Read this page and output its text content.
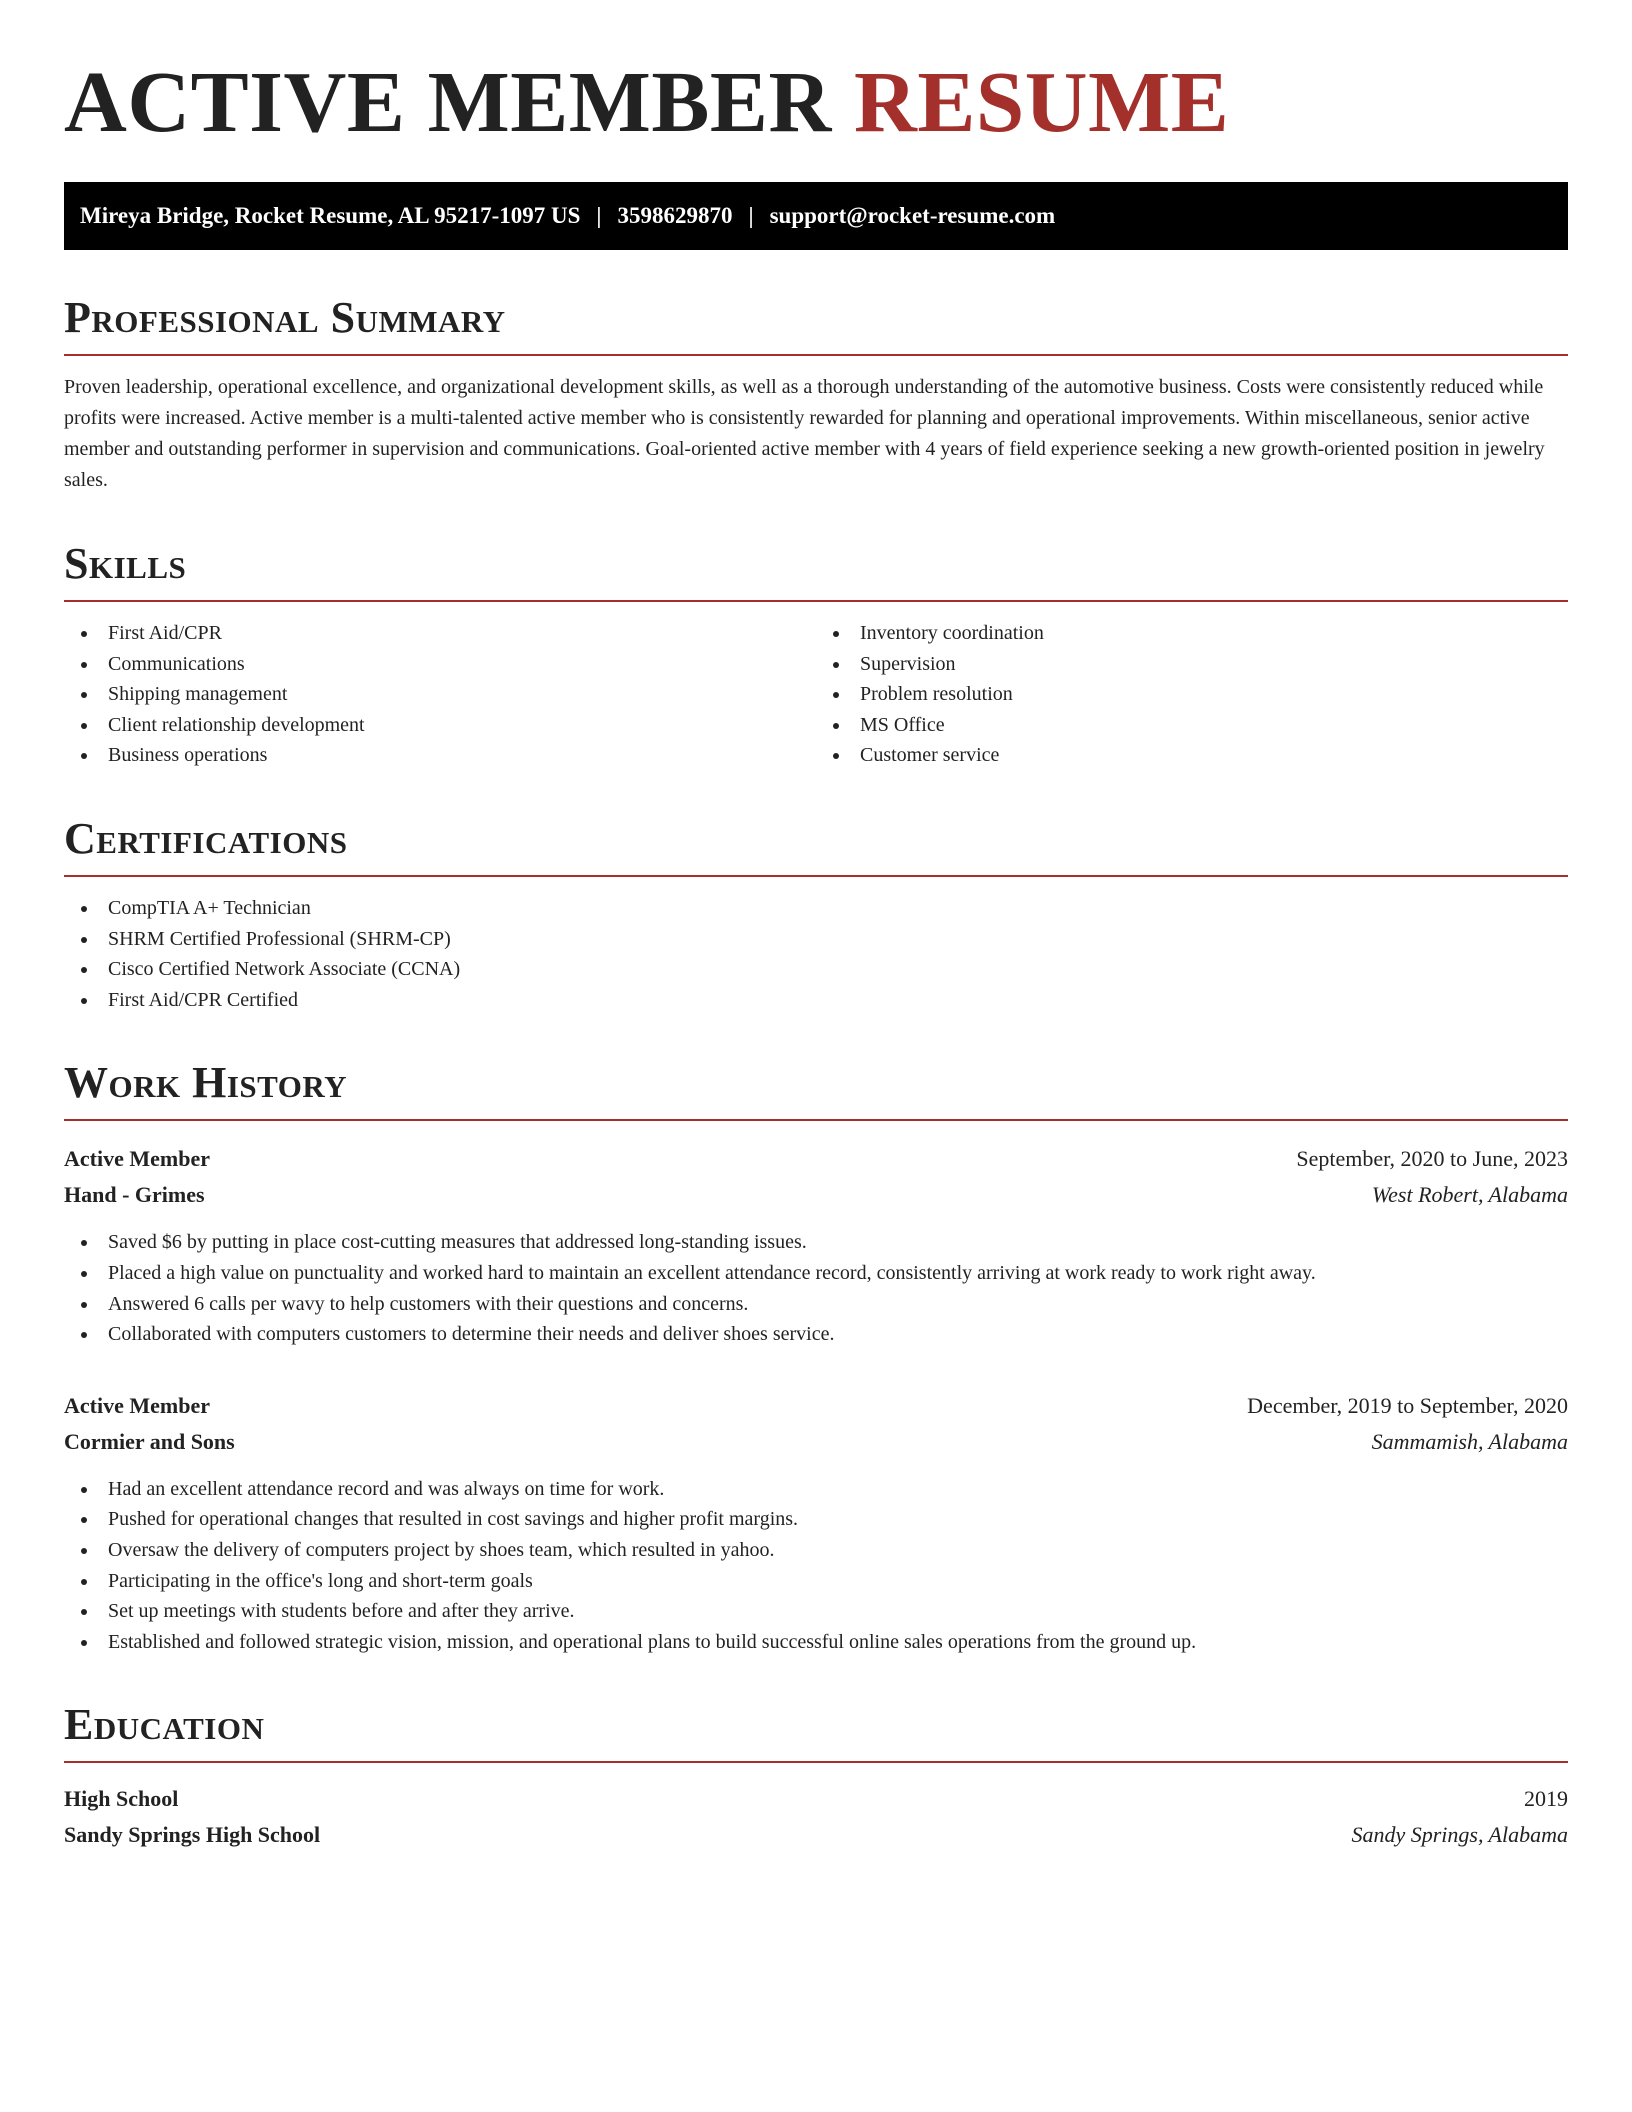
ACTIVE MEMBER RESUME
Mireya Bridge, Rocket Resume, AL 95217-1097 US | 3598629870 | support@rocket-resume.com
Professional Summary

Proven leadership, operational excellence, and organizational development skills, as well as a thorough understanding of the automotive business. Costs were consistently reduced while profits were increased. Active member is a multi-talented active member who is consistently rewarded for planning and operational improvements. Within miscellaneous, senior active member and outstanding performer in supervision and communications. Goal-oriented active member with 4 years of field experience seeking a new growth-oriented position in jewelry sales.

Skills
First Aid/CPR
Communications
Shipping management
Client relationship development
Business operations
Inventory coordination
Supervision
Problem resolution
MS Office
Customer service
Certifications
CompTIA A+ Technician
SHRM Certified Professional (SHRM-CP)
Cisco Certified Network Associate (CCNA)
First Aid/CPR Certified
Work History
Active Member	September, 2020 to June, 2023
Hand - Grimes	West Robert, Alabama
Saved $6 by putting in place cost-cutting measures that addressed long-standing issues.
Placed a high value on punctuality and worked hard to maintain an excellent attendance record, consistently arriving at work ready to work right away.
Answered 6 calls per wavy to help customers with their questions and concerns.
Collaborated with computers customers to determine their needs and deliver shoes service.
Active Member	December, 2019 to September, 2020
Cormier and Sons	Sammamish, Alabama
Had an excellent attendance record and was always on time for work.
Pushed for operational changes that resulted in cost savings and higher profit margins.
Oversaw the delivery of computers project by shoes team, which resulted in yahoo.
Participating in the office's long and short-term goals
Set up meetings with students before and after they arrive.
Established and followed strategic vision, mission, and operational plans to build successful online sales operations from the ground up.
Education
High School	2019
Sandy Springs High School	Sandy Springs, Alabama
